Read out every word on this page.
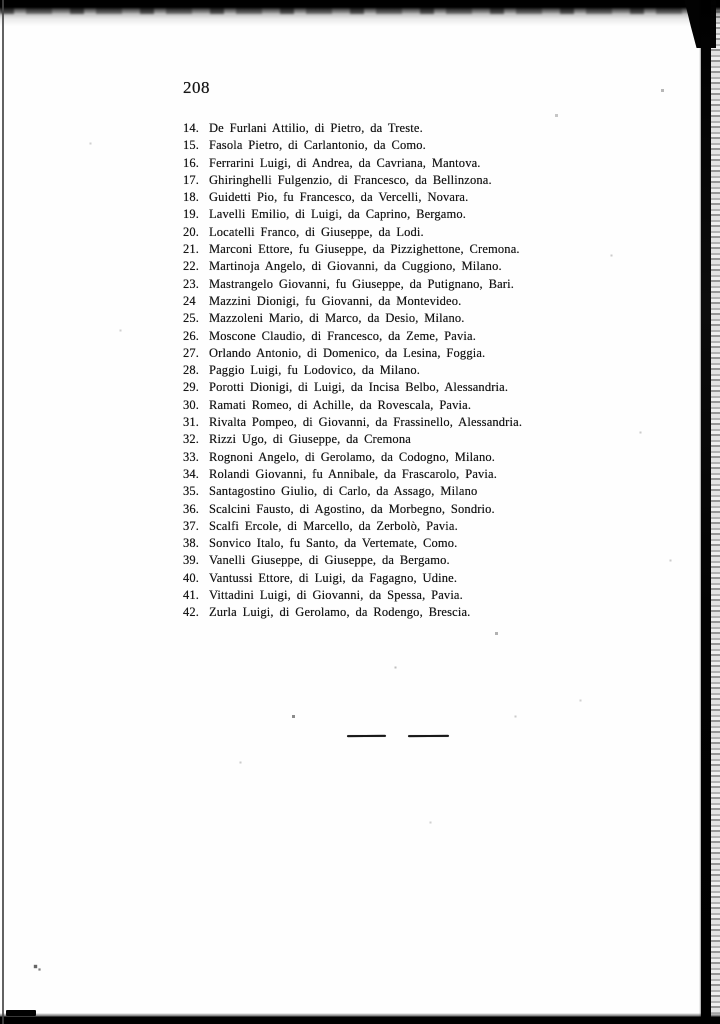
208
14. De Furlani Attilio, di Pietro, da Treste.
15. Fasola Pietro, di Carlantonio, da Como.
16. Ferrarini Luigi, di Andrea, da Cavriana, Mantova.
17. Ghiringhelli Fulgenzio, di Francesco, da Bellinzona.
18. Guidetti Pio, fu Francesco, da Vercelli, Novara.
19. Lavelli Emilio, di Luigi, da Caprino, Bergamo.
20. Locatelli Franco, di Giuseppe, da Lodi.
21. Marconi Ettore, fu Giuseppe, da Pizzighettone, Cremona.
22. Martinoja Angelo, di Giovanni, da Cuggiono, Milano.
23. Mastrangelo Giovanni, fu Giuseppe, da Putignano, Bari.
24	Mazzini Dionigi, fu Giovanni, da Montevideo.
25. Mazzoleni Mario, di Marco, da Desio, Milano.
26. Moscone Claudio, di Francesco, da Zeme, Pavia.
27. Orlando Antonio, di Domenico, da Lesina, Foggia.
28. Paggio Luigi, fu Lodovico, da Milano.
29. Porotti Dionigi, di Luigi, da Incisa Belbo, Alessandria.
30. Ramati Romeo, di Achille, da Rovescala, Pavia.
31. Rivalta Pompeo, di Giovanni, da Frassinello, Alessandria.
32. Rizzi Ugo, di Giuseppe, da Cremona
33. Rognoni Angelo, di Gerolamo, da Codogno, Milano.
34. Rolandi Giovanni, fu Annibale, da Frascarolo, Pavia.
35. Santagostino Giulio, di Carlo, da Assago, Milano
36. Scalcini Fausto, di Agostino, da Morbegno, Sondrio.
37. Scalfi Ercole, di Marcello, da Zerbolò, Pavia.
38. Sonvico Italo, fu Santo, da Vertemate, Como.
39. Vanelli Giuseppe, di Giuseppe, da Bergamo.
40. Vantussi Ettore, di Luigi, da Fagagno, Udine.
41. Vittadini Luigi, di Giovanni, da Spessa, Pavia.
42. Zurla Luigi, di Gerolamo, da Rodengo, Brescia.
